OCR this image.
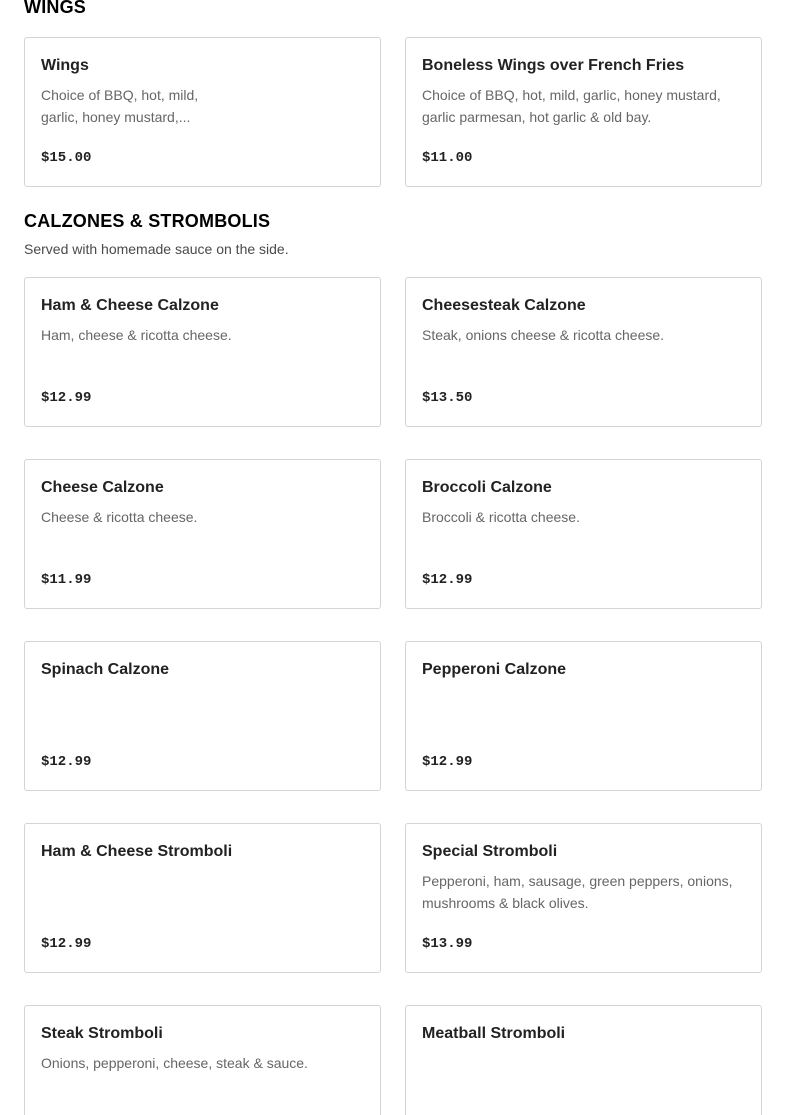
WINGS
Wings
Choice of BBQ, hot, mild,
garlic, honey mustard,...
$15.00
Boneless Wings over French Fries
Choice of BBQ, hot, mild, garlic, honey mustard,
garlic parmesan, hot garlic & old bay.
$11.00
CALZONES & STROMBOLIS
Served with homemade sauce on the side.
Ham & Cheese Calzone
Ham, cheese & ricotta cheese.
$12.99
Cheesesteak Calzone
Steak, onions cheese & ricotta cheese.
$13.50
Cheese Calzone
Cheese & ricotta cheese.
$11.99
Broccoli Calzone
Broccoli & ricotta cheese.
$12.99
Spinach Calzone
$12.99
Pepperoni Calzone
$12.99
Ham & Cheese Stromboli
$12.99
Special Stromboli
Pepperoni, ham, sausage, green peppers, onions,
mushrooms & black olives.
$13.99
Steak Stromboli
Onions, pepperoni, cheese, steak & sauce.
Meatball Stromboli
